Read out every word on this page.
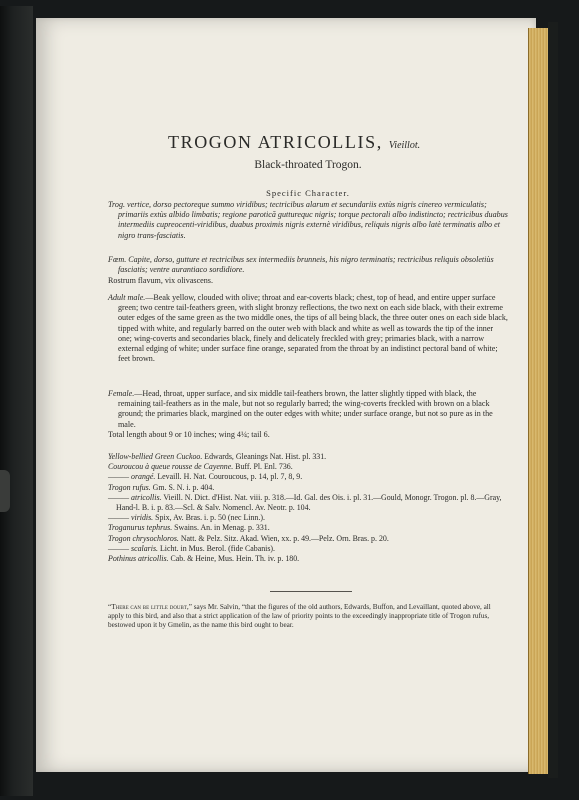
TROGON ATRICOLLIS, Vieillot.
Black-throated Trogon.
Specific Character.

Trog. vertice, dorso pectoreque summo viridibus; tectricibus alarum et secundariis extùs nigris cinereo vermiculatis; primariis extùs albido limbatis; regione parotică gutturequc nigris; torque pectorali albo indistincto; rectricibus duabus intermediis cupreocenti-viridibus, duabus proximis nigris externè viridibus, reliquis nigris albo latè terminatis albo et nigro trans-fasciatis.

Fœm. Capite, dorso, gutture et rectricibus sex intermediis brunneis, his nigro terminatis; rectricibus reliquis obsoletiùs fasciatis; ventre aurantiaco sordidiore.

Rostrum flavum, vix olivascens.

Adult male.—Beak yellow, clouded with olive; throat and ear-coverts black; chest, top of head, and entire upper surface green; two centre tail-feathers green, with slight bronzy reflections, the two next on each side black, with their extreme outer edges of the same green as the two middle ones, the tips of all being black, the three outer ones on each side black, tipped with white, and regularly barred on the outer web with black and white as well as towards the tip of the inner one; wing-coverts and secondaries black, finely and delicately freckled with grey; primaries black, with a narrow external edging of white; under surface fine orange, separated from the throat by an indistinct pectoral band of white; feet brown.

Female.—Head, throat, upper surface, and six middle tail-feathers brown, the latter slightly tipped with black, the remaining tail-feathers as in the male, but not so regularly barred; the wing-coverts freckled with brown on a black ground; the primaries black, margined on the outer edges with white; under surface orange, but not so pure as in the male.

Total length about 9 or 10 inches; wing 4¼; tail 6.

Yellow-bellied Green Cuckoo. Edwards, Gleanings Nat. Hist. pl. 331.
Couroucou à queue rousse de Cayenne. Buff. Pl. Enl. 736.
——— orangé. Levaill. H. Nat. Couroucous, p. 14, pl. 7, 8, 9.
Trogon rufus. Gm. S. N. i. p. 404.
——— atricollis. Vieill. N. Dict. d'Hist. Nat. viii. p. 318.—Id. Gal. des Ois. i. pl. 31.—Gould, Monogr. Trogon. pl. 8.—Gray, Hand-l. B. i. p. 83.—Scl. & Salv. Nomencl. Av. Neotr. p. 104.
——— viridis. Spix, Av. Bras. i. p. 50 (nec Linn.).
Troganurus tephrus. Swains. An. in Menag. p. 331.
Trogon chrysochloros. Natt. & Pelz. Sitz. Akad. Wien, xx. p. 49.—Pelz. Orn. Bras. p. 20.
——— scalaris. Licht. in Mus. Berol. (fide Cabanis).
Pothinus atricollis. Cab. & Heine, Mus. Hein. Th. iv. p. 180.
“There can be little doubt,” says Mr. Salvin, “that the figures of the old authors, Edwards, Buffon, and Levaillant, quoted above, all apply to this bird, and also that a strict application of the law of priority points to the exceedingly inappropriate title of Trogon rufus, bestowed upon it by Gmelin, as the name this bird ought to bear.
